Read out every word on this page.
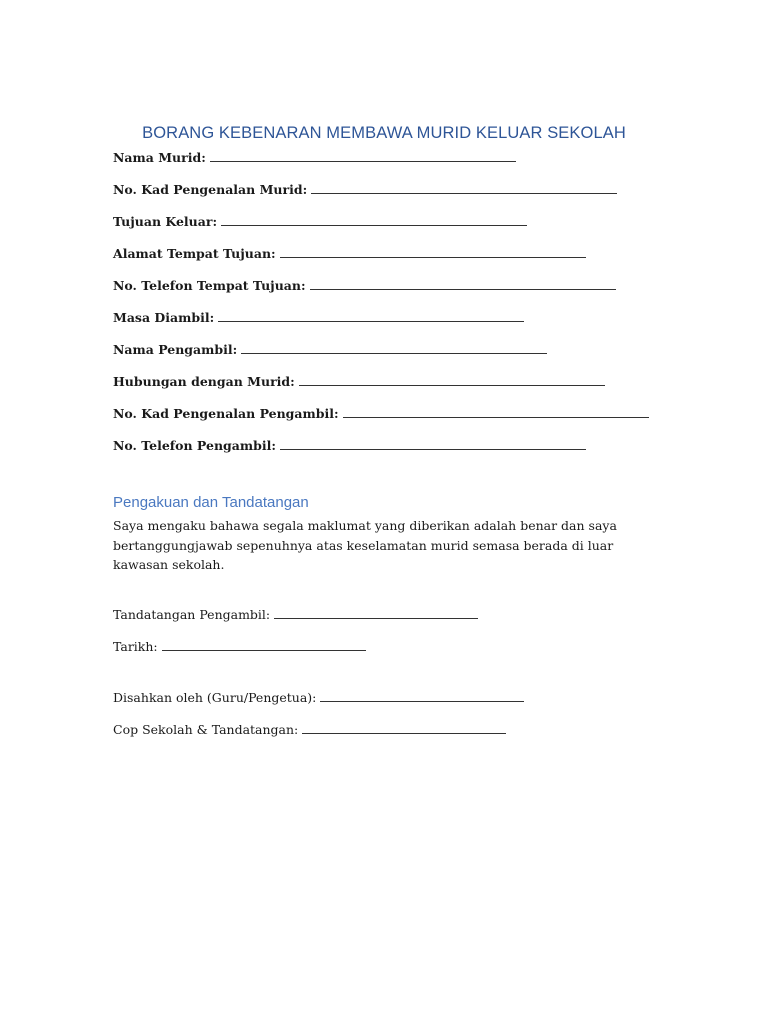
BORANG KEBENARAN MEMBAWA MURID KELUAR SEKOLAH
Nama Murid:
No. Kad Pengenalan Murid:
Tujuan Keluar:
Alamat Tempat Tujuan:
No. Telefon Tempat Tujuan:
Masa Diambil:
Nama Pengambil:
Hubungan dengan Murid:
No. Kad Pengenalan Pengambil:
No. Telefon Pengambil:
Pengakuan dan Tandatangan
Saya mengaku bahawa segala maklumat yang diberikan adalah benar dan saya bertanggungjawab sepenuhnya atas keselamatan murid semasa berada di luar kawasan sekolah.
Tandatangan Pengambil:
Tarikh:
Disahkan oleh (Guru/Pengetua):
Cop Sekolah & Tandatangan:
